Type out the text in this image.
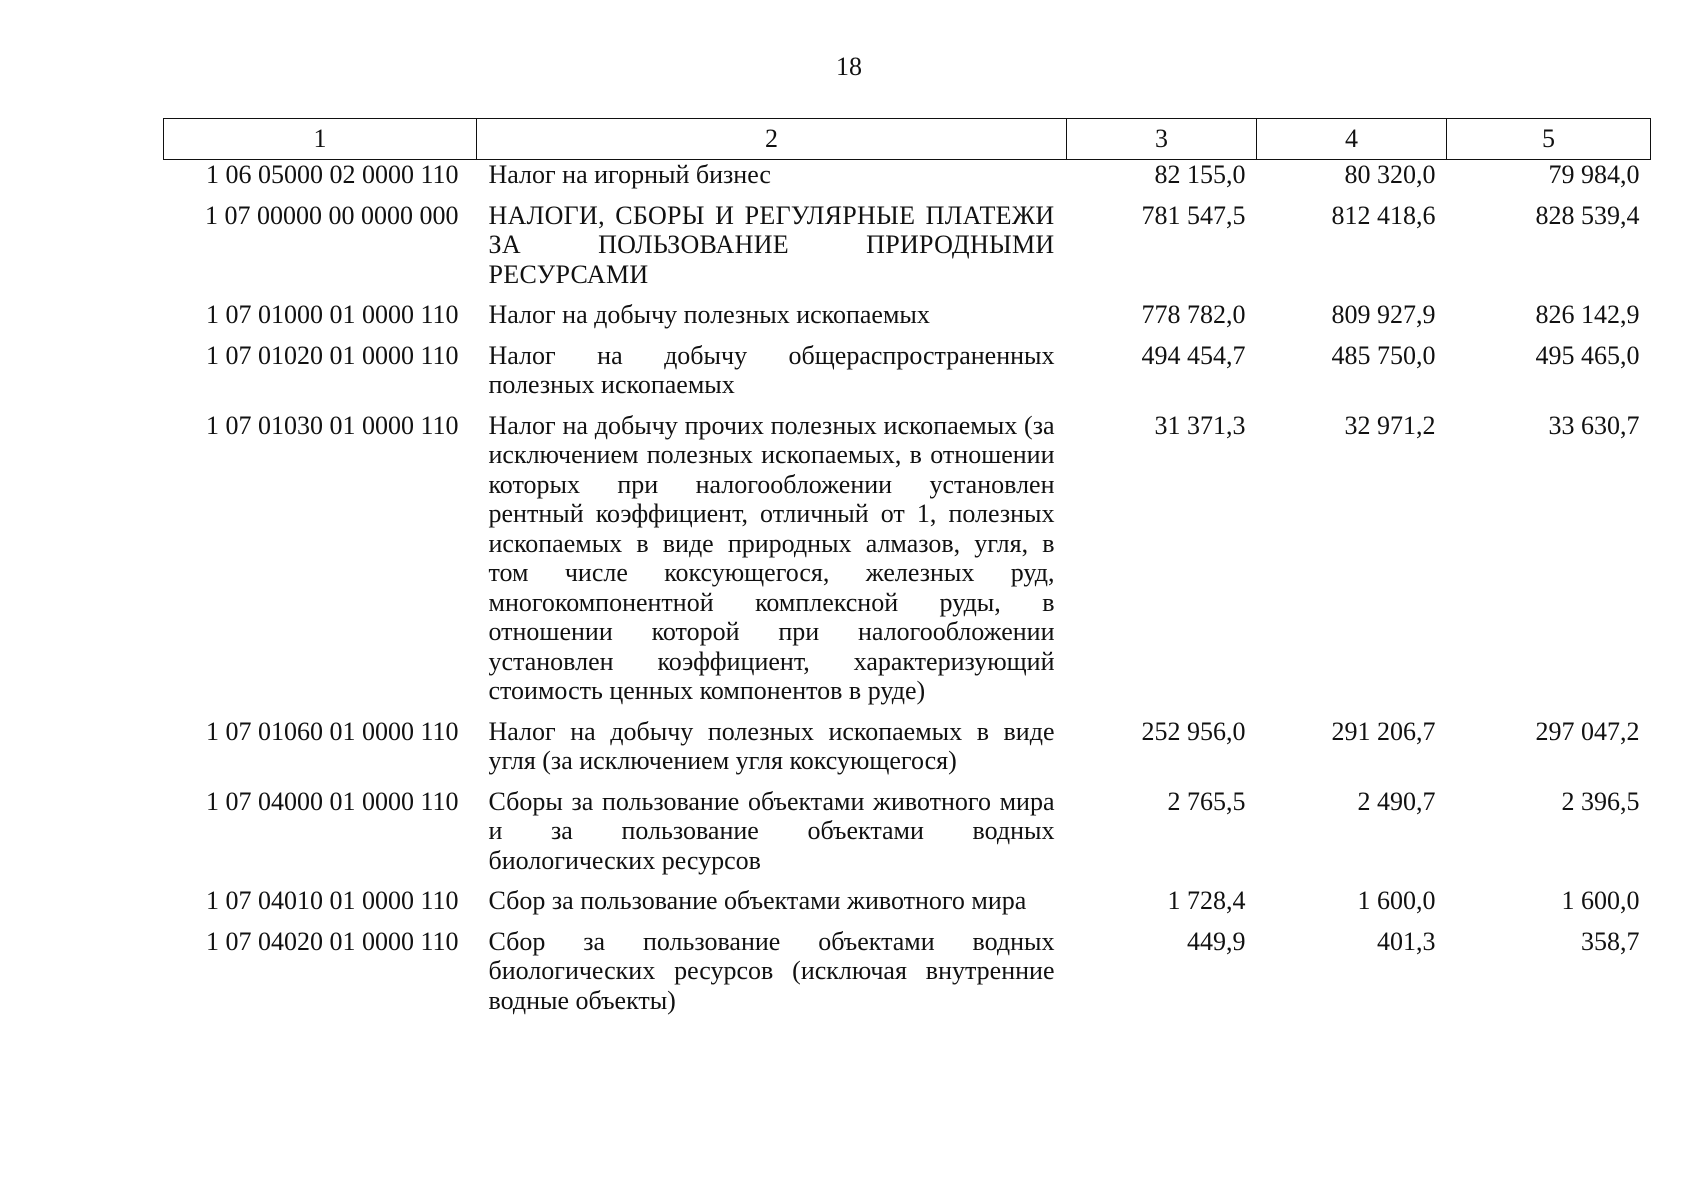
18
1	2	3	4	5
1 06 05000 02 0000 110	Налог на игорный бизнес	82 155,0	80 320,0	79 984,0
1 07 00000 00 0000 000	НАЛОГИ, СБОРЫ И РЕГУЛЯРНЫЕ ПЛАТЕЖИ ЗА ПОЛЬЗОВАНИЕ ПРИРОДНЫМИ РЕСУРСАМИ	781 547,5	812 418,6	828 539,4
1 07 01000 01 0000 110	Налог на добычу полезных ископаемых	778 782,0	809 927,9	826 142,9
1 07 01020 01 0000 110	Налог на добычу общераспространенных полезных ископаемых	494 454,7	485 750,0	495 465,0
1 07 01030 01 0000 110	Налог на добычу прочих полезных ископаемых (за исключением полезных ископаемых, в отношении которых при налогообложении установлен рентный коэффициент, отличный от 1, полезных ископаемых в виде природных алмазов, угля, в том числе коксующегося, железных руд, многокомпонентной комплексной руды, в отношении которой при налогообложении установлен коэффициент, характеризующий стоимость ценных компонентов в руде)	31 371,3	32 971,2	33 630,7
1 07 01060 01 0000 110	Налог на добычу полезных ископаемых в виде угля (за исключением угля коксующегося)	252 956,0	291 206,7	297 047,2
1 07 04000 01 0000 110	Сборы за пользование объектами животного мира и за пользование объектами водных биологических ресурсов	2 765,5	2 490,7	2 396,5
1 07 04010 01 0000 110	Сбор за пользование объектами животного мира	1 728,4	1 600,0	1 600,0
1 07 04020 01 0000 110	Сбор за пользование объектами водных биологических ресурсов (исключая внутренние водные объекты)	449,9	401,3	358,7
